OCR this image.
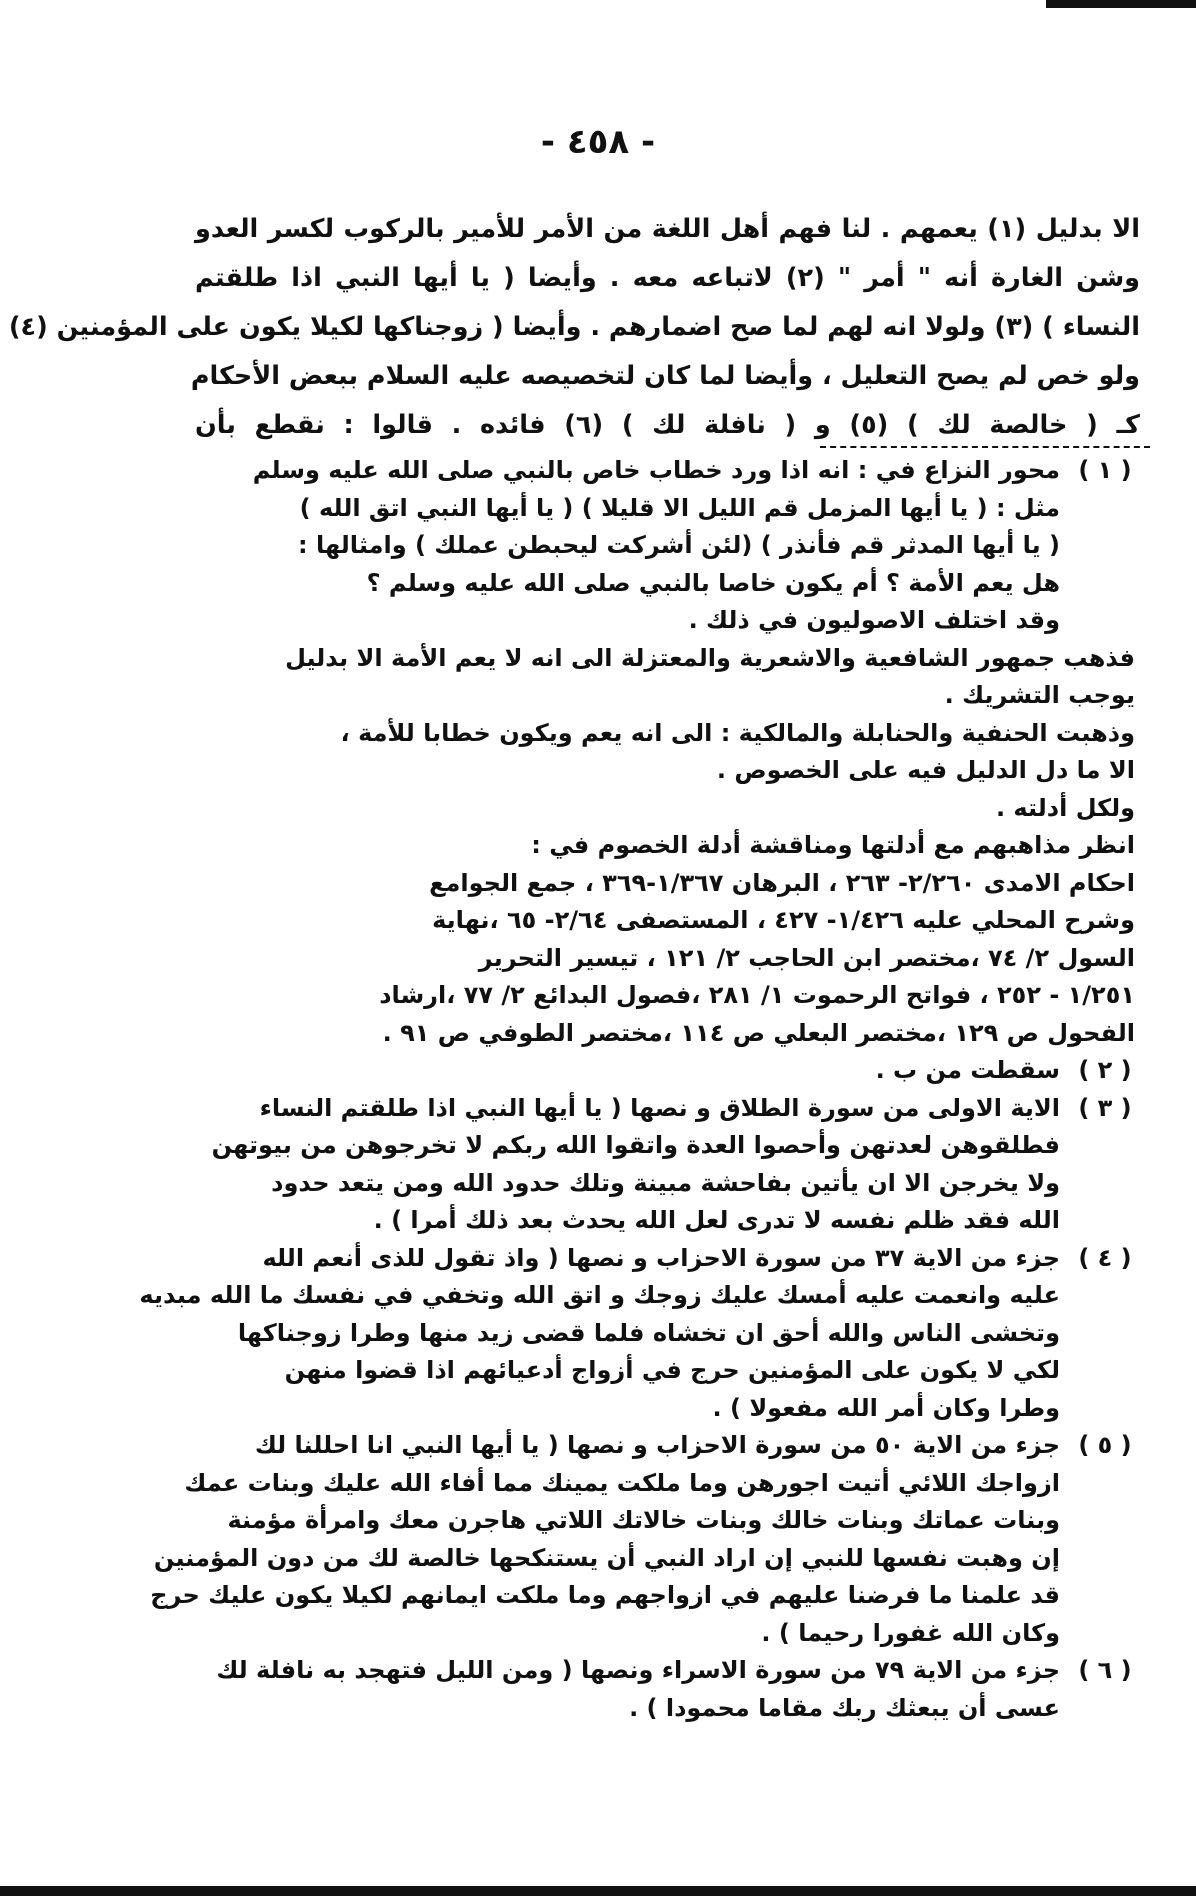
- ٤٥٨ -
الا بدليل (١) يعمهم . لنا فهم أهل اللغة من الأمر للأمير بالركوب لكسر العدو
وشن الغارة أنه " أمر " (٢) لاتباعه معه . وأيضا ( يا أيها النبي اذا طلقتم
النساء ) (٣) ولولا انه لهم لما صح اضمارهم . وأيضا ( زوجناكها لكيلا يكون على المؤمنين (٤)
ولو خص لم يصح التعليل ، وأيضا لما كان لتخصيصه عليه السلام ببعض الأحكام
كـ ( خالصة لك ) (٥) و ( نافلة لك ) (٦) فائده . قالوا : نقطع بأن
( ١ )
محور النزاع في : انه اذا ورد خطاب خاص بالنبي صلى الله عليه وسلم
مثل : ( يا أيها المزمل قم الليل الا قليلا ) ( يا أيها النبي اتق الله )
( يا أيها المدثر قم فأنذر ) (لئن أشركت ليحبطن عملك ) وامثالها :
هل يعم الأمة ؟ أم يكون خاصا بالنبي صلى الله عليه وسلم ؟
وقد اختلف الاصوليون في ذلك .
فذهب جمهور الشافعية والاشعرية والمعتزلة الى انه لا يعم الأمة الا بدليل
يوجب التشريك .
وذهبت الحنفية والحنابلة والمالكية : الى انه يعم ويكون خطابا للأمة ،
الا ما دل الدليل فيه على الخصوص .
ولكل أدلته .
انظر مذاهبهم مع أدلتها ومناقشة أدلة الخصوم في :
احكام الامدى ٢/٢٦٠- ٢٦٣ ، البرهان ١/٣٦٧-٣٦٩ ، جمع الجوامع
وشرح المحلي عليه ١/٤٢٦- ٤٢٧ ، المستصفى ٢/٦٤- ٦٥ ،نهاية
السول ٢/ ٧٤ ،مختصر ابن الحاجب ٢/ ١٢١ ، تيسير التحرير
١/٢٥١ - ٢٥٢ ، فواتح الرحموت ١/ ٢٨١ ،فصول البدائع ٢/ ٧٧ ،ارشاد
الفحول ص ١٢٩ ،مختصر البعلي ص ١١٤ ،مختصر الطوفي ص ٩١ .
( ٢ )
سقطت من ب .
( ٣ )
الاية الاولى من سورة الطلاق و نصها ( يا أيها النبي اذا طلقتم النساء
فطلقوهن لعدتهن وأحصوا العدة واتقوا الله ربكم لا تخرجوهن من بيوتهن
ولا يخرجن الا ان يأتين بفاحشة مبينة وتلك حدود الله ومن يتعد حدود
الله فقد ظلم نفسه لا تدرى لعل الله يحدث بعد ذلك أمرا ) .
( ٤ )
جزء من الاية ٣٧ من سورة الاحزاب و نصها ( واذ تقول للذى أنعم الله
عليه وانعمت عليه أمسك عليك زوجك و اتق الله وتخفي في نفسك ما الله مبديه
وتخشى الناس والله أحق ان تخشاه فلما قضى زيد منها وطرا زوجناكها
لكي لا يكون على المؤمنين حرج في أزواج أدعيائهم اذا قضوا منهن
وطرا وكان أمر الله مفعولا ) .
( ٥ )
جزء من الاية ٥٠ من سورة الاحزاب و نصها ( يا أيها النبي انا احللنا لك
ازواجك اللائي أتيت اجورهن وما ملكت يمينك مما أفاء الله عليك وبنات عمك
وبنات عماتك وبنات خالك وبنات خالاتك اللاتي هاجرن معك وامرأة مؤمنة
إن وهبت نفسها للنبي إن اراد النبي أن يستنكحها خالصة لك من دون المؤمنين
قد علمنا ما فرضنا عليهم في ازواجهم وما ملكت ايمانهم لكيلا يكون عليك حرج
وكان الله غفورا رحيما ) .
( ٦ )
جزء من الاية ٧٩ من سورة الاسراء ونصها ( ومن الليل فتهجد به نافلة لك
عسى أن يبعثك ربك مقاما محمودا ) .
